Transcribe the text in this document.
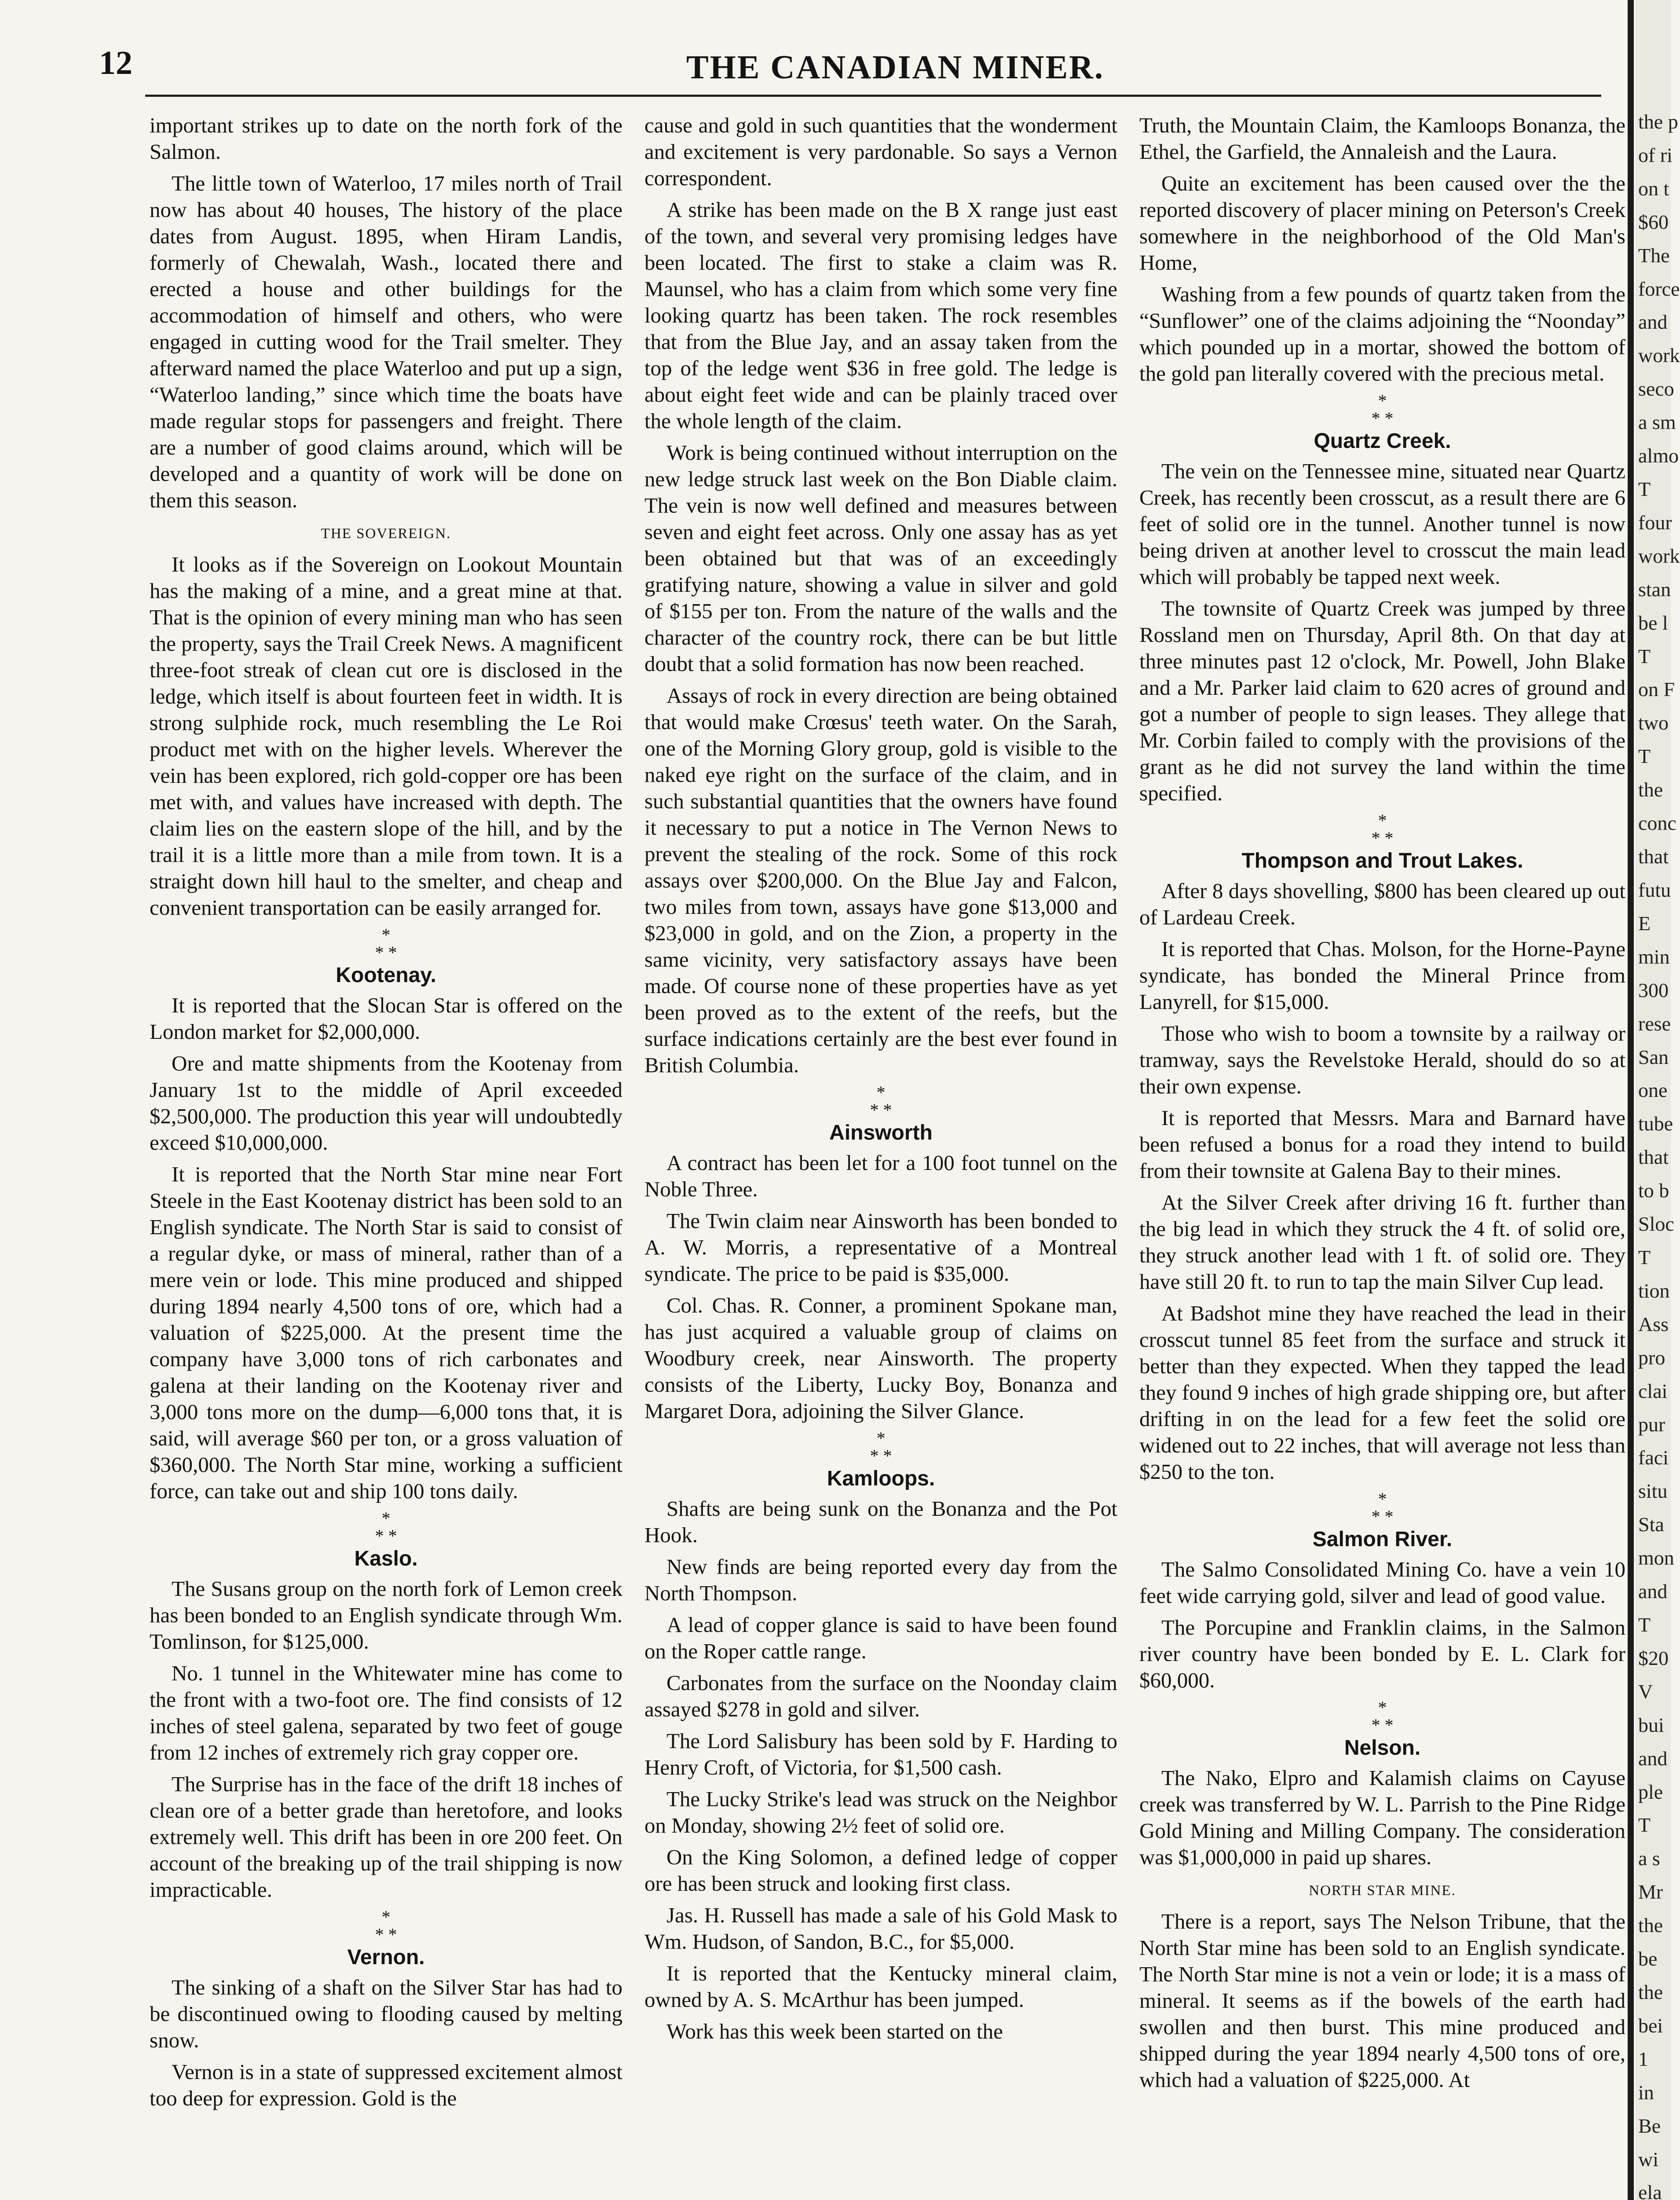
12	THE CANADIAN MINER.

important strikes up to date on the north fork of the Salmon.

The little town of Waterloo, 17 miles north of Trail now has about 40 houses, The history of the place dates from August. 1895, when Hiram Landis, formerly of Chewalah, Wash., located there and erected a house and other buildings for the accommodation of himself and others, who were engaged in cutting wood for the Trail smelter. They afterward named the place Waterloo and put up a sign, “Waterloo landing,” since which time the boats have made regular stops for passengers and freight. There are a number of good claims around, which will be developed and a quantity of work will be done on them this season.

THE SOVEREIGN.

It looks as if the Sovereign on Lookout Mountain has the making of a mine, and a great mine at that. That is the opinion of every mining man who has seen the property, says the Trail Creek News. A magnificent three-foot streak of clean cut ore is disclosed in the ledge, which itself is about fourteen feet in width. It is strong sulphide rock, much resembling the Le Roi product met with on the higher levels. Wherever the vein has been explored, rich gold-copper ore has been met with, and values have increased with depth. The claim lies on the eastern slope of the hill, and by the trail it is a little more than a mile from town. It is a straight down hill haul to the smelter, and cheap and convenient transportation can be easily arranged for.

*
* *
Kootenay.

It is reported that the Slocan Star is offered on the London market for $2,000,000.

Ore and matte shipments from the Kootenay from January 1st to the middle of April exceeded $2,500,000. The production this year will undoubtedly exceed $10,000,000.

It is reported that the North Star mine near Fort Steele in the East Kootenay district has been sold to an English syndicate. The North Star is said to consist of a regular dyke, or mass of mineral, rather than of a mere vein or lode. This mine produced and shipped during 1894 nearly 4,500 tons of ore, which had a valuation of $225,000. At the present time the company have 3,000 tons of rich carbonates and galena at their landing on the Kootenay river and 3,000 tons more on the dump—6,000 tons that, it is said, will average $60 per ton, or a gross valuation of $360,000. The North Star mine, working a sufficient force, can take out and ship 100 tons daily.

*
* *
Kaslo.

The Susans group on the north fork of Lemon creek has been bonded to an English syndicate through Wm. Tomlinson, for $125,000.

No. 1 tunnel in the Whitewater mine has come to the front with a two-foot ore. The find consists of 12 inches of steel galena, separated by two feet of gouge from 12 inches of extremely rich gray copper ore.

The Surprise has in the face of the drift 18 inches of clean ore of a better grade than heretofore, and looks extremely well. This drift has been in ore 200 feet. On account of the breaking up of the trail shipping is now impracticable.

*
* *
Vernon.

The sinking of a shaft on the Silver Star has had to be discontinued owing to flooding caused by melting snow.

Vernon is in a state of suppressed excitement almost too deep for expression. Gold is the

cause and gold in such quantities that the wonderment and excitement is very pardonable. So says a Vernon correspondent.

A strike has been made on the B X range just east of the town, and several very promising ledges have been located. The first to stake a claim was R. Maunsel, who has a claim from which some very fine looking quartz has been taken. The rock resembles that from the Blue Jay, and an assay taken from the top of the ledge went $36 in free gold. The ledge is about eight feet wide and can be plainly traced over the whole length of the claim.

Work is being continued without interruption on the new ledge struck last week on the Bon Diable claim. The vein is now well defined and measures between seven and eight feet across. Only one assay has as yet been obtained but that was of an exceedingly gratifying nature, showing a value in silver and gold of $155 per ton. From the nature of the walls and the character of the country rock, there can be but little doubt that a solid formation has now been reached.

Assays of rock in every direction are being obtained that would make Crœsus' teeth water. On the Sarah, one of the Morning Glory group, gold is visible to the naked eye right on the surface of the claim, and in such substantial quantities that the owners have found it necessary to put a notice in The Vernon News to prevent the stealing of the rock. Some of this rock assays over $200,000. On the Blue Jay and Falcon, two miles from town, assays have gone $13,000 and $23,000 in gold, and on the Zion, a property in the same vicinity, very satisfactory assays have been made. Of course none of these properties have as yet been proved as to the extent of the reefs, but the surface indications certainly are the best ever found in British Columbia.

*
* *
Ainsworth

A contract has been let for a 100 foot tunnel on the Noble Three.

The Twin claim near Ainsworth has been bonded to A. W. Morris, a representative of a Montreal syndicate. The price to be paid is $35,000.

Col. Chas. R. Conner, a prominent Spokane man, has just acquired a valuable group of claims on Woodbury creek, near Ainsworth. The property consists of the Liberty, Lucky Boy, Bonanza and Margaret Dora, adjoining the Silver Glance.

*
* *
Kamloops.

Shafts are being sunk on the Bonanza and the Pot Hook.

New finds are being reported every day from the North Thompson.

A lead of copper glance is said to have been found on the Roper cattle range.

Carbonates from the surface on the Noonday claim assayed $278 in gold and silver.

The Lord Salisbury has been sold by F. Harding to Henry Croft, of Victoria, for $1,500 cash.

The Lucky Strike's lead was struck on the Neighbor on Monday, showing 2½ feet of solid ore.

On the King Solomon, a defined ledge of copper ore has been struck and looking first class.

Jas. H. Russell has made a sale of his Gold Mask to Wm. Hudson, of Sandon, B.C., for $5,000.

It is reported that the Kentucky mineral claim, owned by A. S. McArthur has been jumped.

Work has this week been started on the

Truth, the Mountain Claim, the Kamloops Bonanza, the Ethel, the Garfield, the Annaleish and the Laura.

Quite an excitement has been caused over the the reported discovery of placer mining on Peterson's Creek somewhere in the neighborhood of the Old Man's Home,

Washing from a few pounds of quartz taken from the “Sunflower” one of the claims adjoining the “Noonday” which pounded up in a mortar, showed the bottom of the gold pan literally covered with the precious metal.

*
* *
Quartz Creek.

The vein on the Tennessee mine, situated near Quartz Creek, has recently been crosscut, as a result there are 6 feet of solid ore in the tunnel. Another tunnel is now being driven at another level to crosscut the main lead which will probably be tapped next week.

The townsite of Quartz Creek was jumped by three Rossland men on Thursday, April 8th. On that day at three minutes past 12 o'clock, Mr. Powell, John Blake and a Mr. Parker laid claim to 620 acres of ground and got a number of people to sign leases. They allege that Mr. Corbin failed to comply with the provisions of the grant as he did not survey the land within the time specified.

*
* *
Thompson and Trout Lakes.

After 8 days shovelling, $800 has been cleared up out of Lardeau Creek.

It is reported that Chas. Molson, for the Horne-Payne syndicate, has bonded the Mineral Prince from Lanyrell, for $15,000.

Those who wish to boom a townsite by a railway or tramway, says the Revelstoke Herald, should do so at their own expense.

It is reported that Messrs. Mara and Barnard have been refused a bonus for a road they intend to build from their townsite at Galena Bay to their mines.

At the Silver Creek after driving 16 ft. further than the big lead in which they struck the 4 ft. of solid ore, they struck another lead with 1 ft. of solid ore. They have still 20 ft. to run to tap the main Silver Cup lead.

At Badshot mine they have reached the lead in their crosscut tunnel 85 feet from the surface and struck it better than they expected. When they tapped the lead they found 9 inches of high grade shipping ore, but after drifting in on the lead for a few feet the solid ore widened out to 22 inches, that will average not less than $250 to the ton.

*
* *
Salmon River.

The Salmo Consolidated Mining Co. have a vein 10 feet wide carrying gold, silver and lead of good value.

The Porcupine and Franklin claims, in the Salmon river country have been bonded by E. L. Clark for $60,000.

*
* *
Nelson.

The Nako, Elpro and Kalamish claims on Cayuse creek was transferred by W. L. Parrish to the Pine Ridge Gold Mining and Milling Company. The consideration was $1,000,000 in paid up shares.

NORTH STAR MINE.

There is a report, says The Nelson Tribune, that the North Star mine has been sold to an English syndicate. The North Star mine is not a vein or lode; it is a mass of mineral. It seems as if the bowels of the earth had swollen and then burst. This mine produced and shipped during the year 1894 nearly 4,500 tons of ore, which had a valuation of $225,000. At

the p
of ri
on t
$60
The
force
and
work
seco
a sm
almo
T
four
work
stan
be l
T
on F
two
T
the
conc
that
futu
E
min
300
rese
San
one
tube
that
to b
Sloc
T
tion
Ass
pro
clai
pur
faci
situ
Sta
mon
and
T
$20
V
bui
and
ple
T
a s
Mr
the
be
the
bei
1
in
Be
wi
ela
